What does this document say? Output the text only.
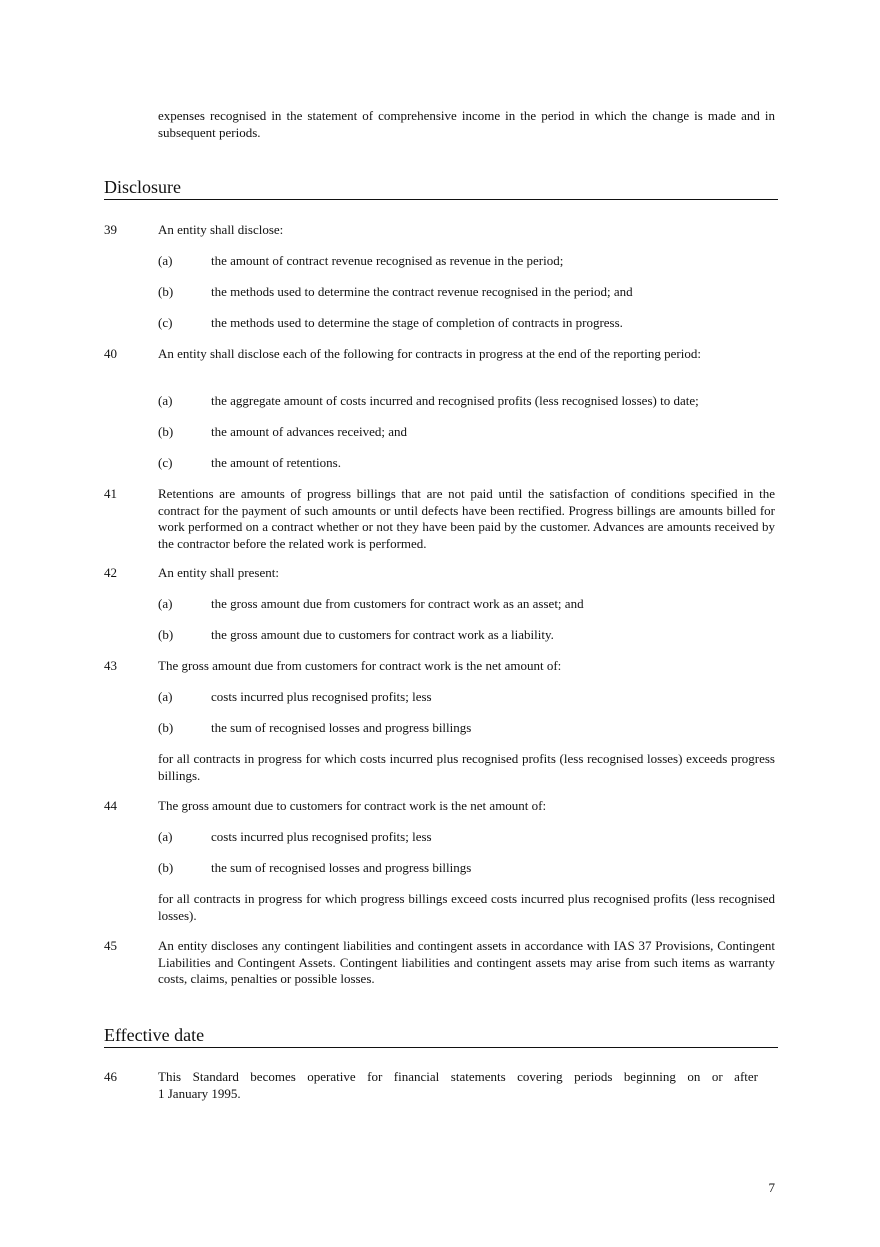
expenses recognised in the statement of comprehensive income in the period in which the change is made and in subsequent periods.
Disclosure
39	An entity shall disclose:
(a)	the amount of contract revenue recognised as revenue in the period;
(b)	the methods used to determine the contract revenue recognised in the period; and
(c)	the methods used to determine the stage of completion of contracts in progress.
40	An entity shall disclose each of the following for contracts in progress at the end of the reporting period:
(a)	the aggregate amount of costs incurred and recognised profits (less recognised losses) to date;
(b)	the amount of advances received; and
(c)	the amount of retentions.
41	Retentions are amounts of progress billings that are not paid until the satisfaction of conditions specified in the contract for the payment of such amounts or until defects have been rectified. Progress billings are amounts billed for work performed on a contract whether or not they have been paid by the customer. Advances are amounts received by the contractor before the related work is performed.
42	An entity shall present:
(a)	the gross amount due from customers for contract work as an asset; and
(b)	the gross amount due to customers for contract work as a liability.
43	The gross amount due from customers for contract work is the net amount of:
(a)	costs incurred plus recognised profits; less
(b)	the sum of recognised losses and progress billings
for all contracts in progress for which costs incurred plus recognised profits (less recognised losses) exceeds progress billings.
44	The gross amount due to customers for contract work is the net amount of:
(a)	costs incurred plus recognised profits; less
(b)	the sum of recognised losses and progress billings
for all contracts in progress for which progress billings exceed costs incurred plus recognised profits (less recognised losses).
45	An entity discloses any contingent liabilities and contingent assets in accordance with IAS 37 Provisions, Contingent Liabilities and Contingent Assets. Contingent liabilities and contingent assets may arise from such items as warranty costs, claims, penalties or possible losses.
Effective date
46	This Standard becomes operative for financial statements covering periods beginning on or after
1 January 1995.
7
